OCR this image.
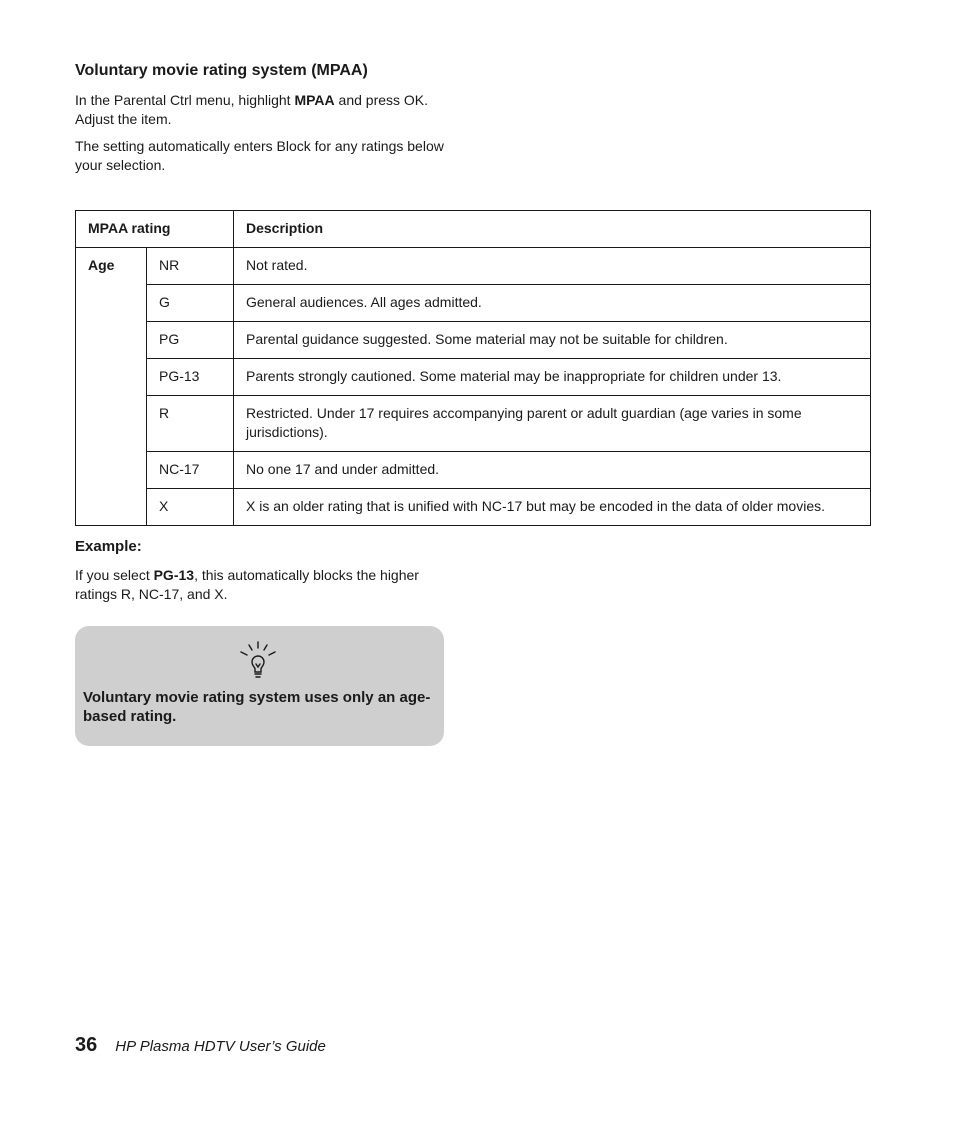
Voluntary movie rating system (MPAA)

In the Parental Ctrl menu, highlight MPAA and press OK. Adjust the item.

The setting automatically enters Block for any ratings below your selection.

MPAA rating		Description
Age	NR	Not rated.
	G	General audiences. All ages admitted.
	PG	Parental guidance suggested. Some material may not be suitable for children.
	PG-13	Parents strongly cautioned. Some material may be inappropriate for children under 13.
	R	Restricted. Under 17 requires accompanying parent or adult guardian (age varies in some jurisdictions).
	NC-17	No one 17 and under admitted.
	X	X is an older rating that is unified with NC-17 but may be encoded in the data of older movies.
Example:

If you select PG-13, this automatically blocks the higher ratings R, NC-17, and X.

Voluntary movie rating system uses only an age-based rating.

36 HP Plasma HDTV User’s Guide
